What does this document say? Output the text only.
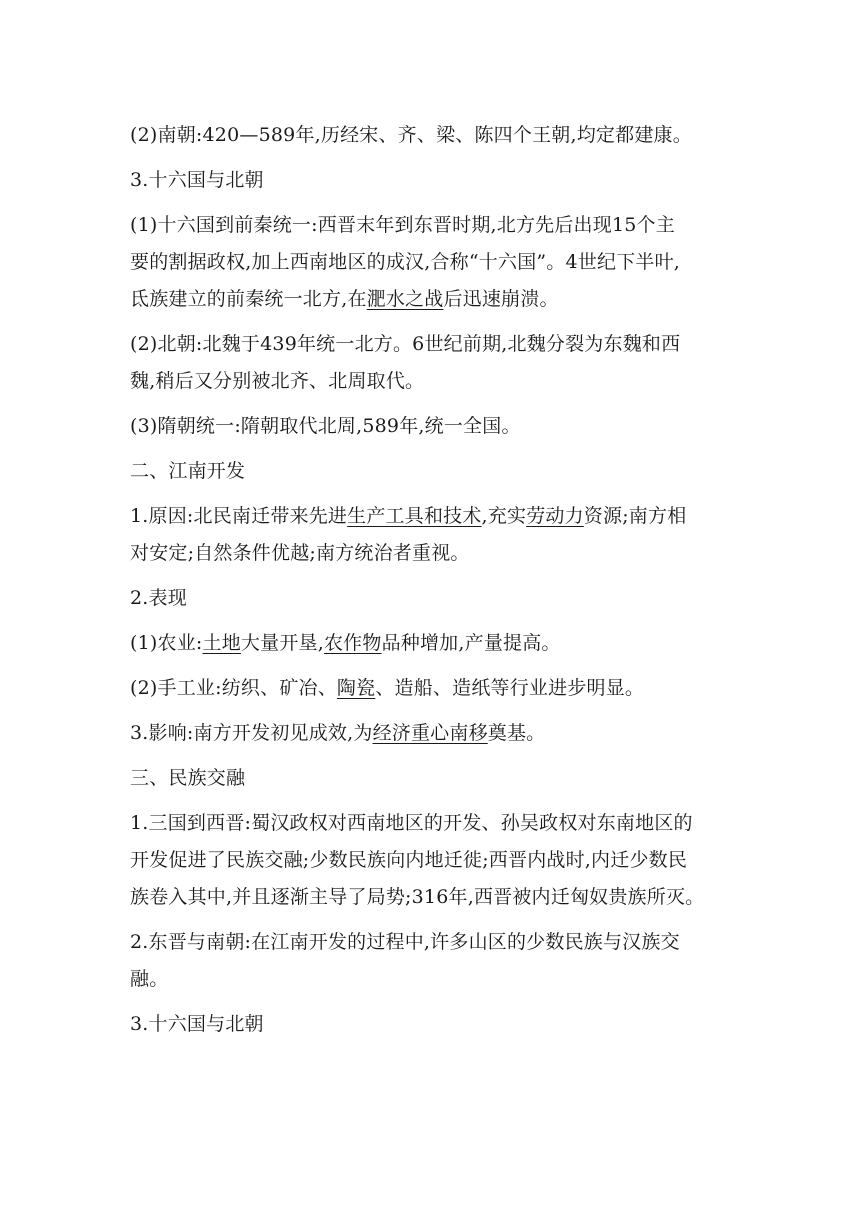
(2)南朝:420—589年,历经宋、齐、梁、陈四个王朝,均定都建康。
3.十六国与北朝
(1)十六国到前秦统一:西晋末年到东晋时期,北方先后出现15个主
要的割据政权,加上西南地区的成汉,合称“十六国”。4世纪下半叶,
氐族建立的前秦统一北方,在淝水之战后迅速崩溃。
(2)北朝:北魏于439年统一北方。6世纪前期,北魏分裂为东魏和西
魏,稍后又分别被北齐、北周取代。
(3)隋朝统一:隋朝取代北周,589年,统一全国。
二、江南开发
1.原因:北民南迁带来先进生产工具和技术,充实劳动力资源;南方相
对安定;自然条件优越;南方统治者重视。
2.表现
(1)农业:土地大量开垦,农作物品种增加,产量提高。
(2)手工业:纺织、矿冶、陶瓷、造船、造纸等行业进步明显。
3.影响:南方开发初见成效,为经济重心南移奠基。
三、民族交融
1.三国到西晋:蜀汉政权对西南地区的开发、孙吴政权对东南地区的
开发促进了民族交融;少数民族向内地迁徙;西晋内战时,内迁少数民
族卷入其中,并且逐渐主导了局势;316年,西晋被内迁匈奴贵族所灭。
2.东晋与南朝:在江南开发的过程中,许多山区的少数民族与汉族交
融。
3.十六国与北朝
